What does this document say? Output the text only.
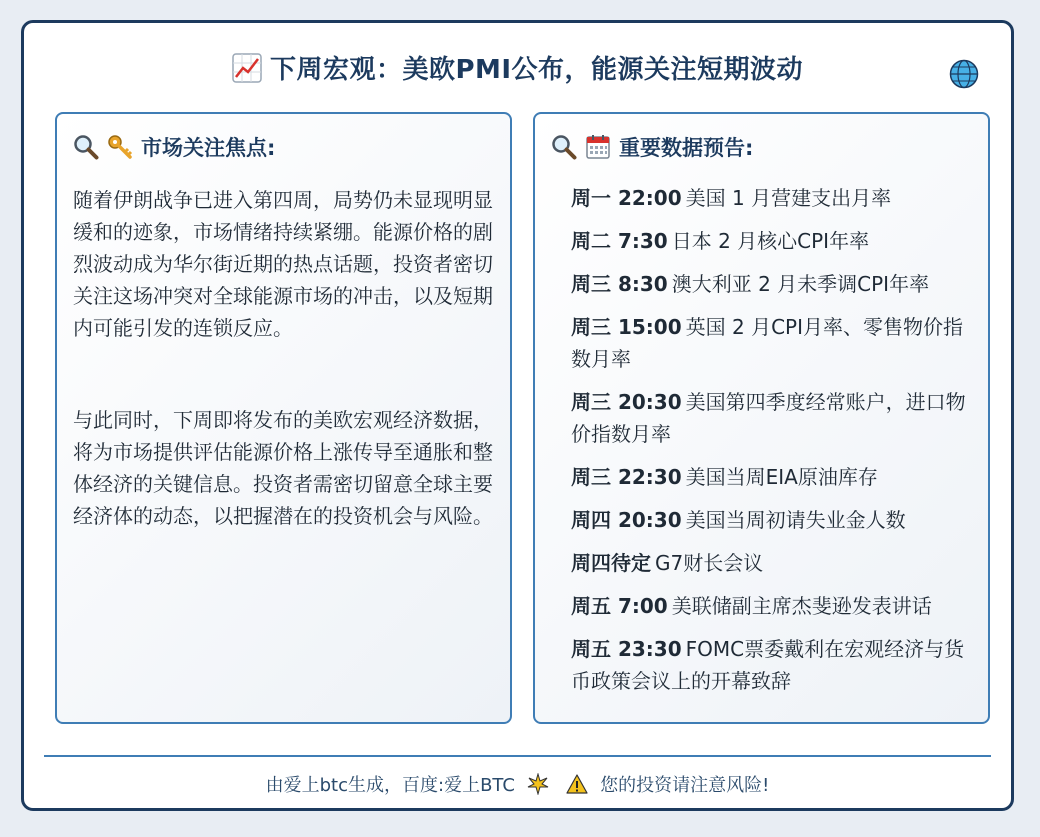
下周宏观：美欧PMI公布，能源关注短期波动
市场关注焦点:

随着伊朗战争已进入第四周，局势仍未显现明显缓和的迹象，市场情绪持续紧绷。能源价格的剧烈波动成为华尔街近期的热点话题，投资者密切关注这场冲突对全球能源市场的冲击，以及短期内可能引发的连锁反应。

与此同时，下周即将发布的美欧宏观经济数据，将为市场提供评估能源价格上涨传导至通胀和整体经济的关键信息。投资者需密切留意全球主要经济体的动态，以把握潜在的投资机会与风险。

重要数据预告:
周一 22:00 美国 1 月营建支出月率
周二 7:30 日本 2 月核心CPI年率
周三 8:30 澳大利亚 2 月未季调CPI年率
周三 15:00 英国 2 月CPI月率、零售物价指数月率
周三 20:30 美国第四季度经常账户，进口物价指数月率
周三 22:30 美国当周EIA原油库存
周四 20:30 美国当周初请失业金人数
周四待定 G7财长会议
周五 7:00 美联储副主席杰斐逊发表讲话
周五 23:30 FOMC票委戴利在宏观经济与货币政策会议上的开幕致辞
由爱上btc生成，百度:爱上BTC	您的投资请注意风险!
